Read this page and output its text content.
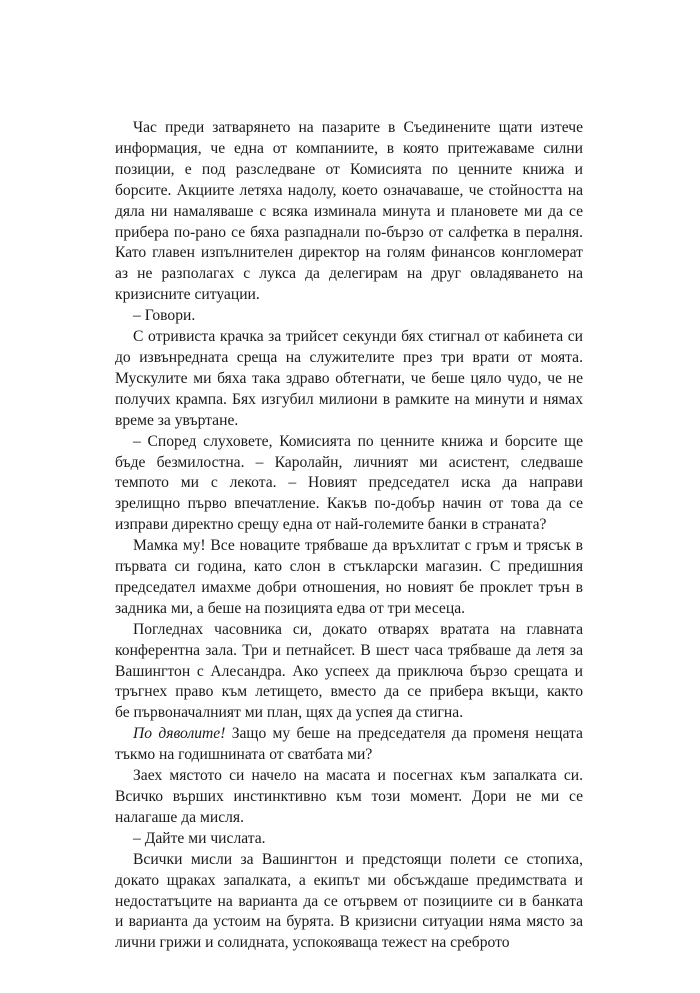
Час преди затварянето на пазарите в Съединените щати изтече
информация, че една от компаниите, в която притежаваме силни
позиции, е под разследване от Комисията по ценните книжа и
борсите. Акциите летяха надолу, което означаваше, че стойността на
дяла ни намаляваше с всяка изминала минута и плановете ми да се
прибера по-рано се бяха разпаднали по-бързо от салфетка в пералня.
Като главен изпълнителен директор на голям финансов конгломерат
аз не разполагах с лукса да делегирам на друг овладяването на
кризисните ситуации.
– Говори.
С отривиста крачка за трийсет секунди бях стигнал от кабинета си
до извънредната среща на служителите през три врати от моята.
Мускулите ми бяха така здраво обтегнати, че беше цяло чудо, че не
получих крампа. Бях изгубил милиони в рамките на минути и нямах
време за увъртане.
– Според слуховете, Комисията по ценните книжа и борсите ще
бъде безмилостна. – Каролайн, личният ми асистент, следваше
темпото ми с лекота. – Новият председател иска да направи
зрелищно първо впечатление. Какъв по-добър начин от това да се
изправи директно срещу една от най-големите банки в страната?
Мамка му! Все новаците трябваше да връхлитат с гръм и трясък в
първата си година, като слон в стъкларски магазин. С предишния
председател имахме добри отношения, но новият бе проклет трън в
задника ми, а беше на позицията едва от три месеца.
Погледнах часовника си, докато отварях вратата на главната
конферентна зала. Три и петнайсет. В шест часа трябваше да летя за
Вашингтон с Алесандра. Ако успеех да приключа бързо срещата и
тръгнех право към летището, вместо да се прибера вкъщи, както
бе първоначалният ми план, щях да успея да стигна.
По дяволите! Защо му беше на председателя да променя нещата
тъкмо на годишнината от сватбата ми?
Заех мястото си начело на масата и посегнах към запалката си.
Всичко върших инстинктивно към този момент. Дори не ми се
налагаше да мисля.
– Дайте ми числата.
Всички мисли за Вашингтон и предстоящи полети се стопиха,
докато щраках запалката, а екипът ми обсъждаше предимствата и
недостатъците на варианта да се отървем от позициите си в банката
и варианта да устоим на бурята. В кризисни ситуации няма място за
лични грижи и солидната, успокояваща тежест на среброто
